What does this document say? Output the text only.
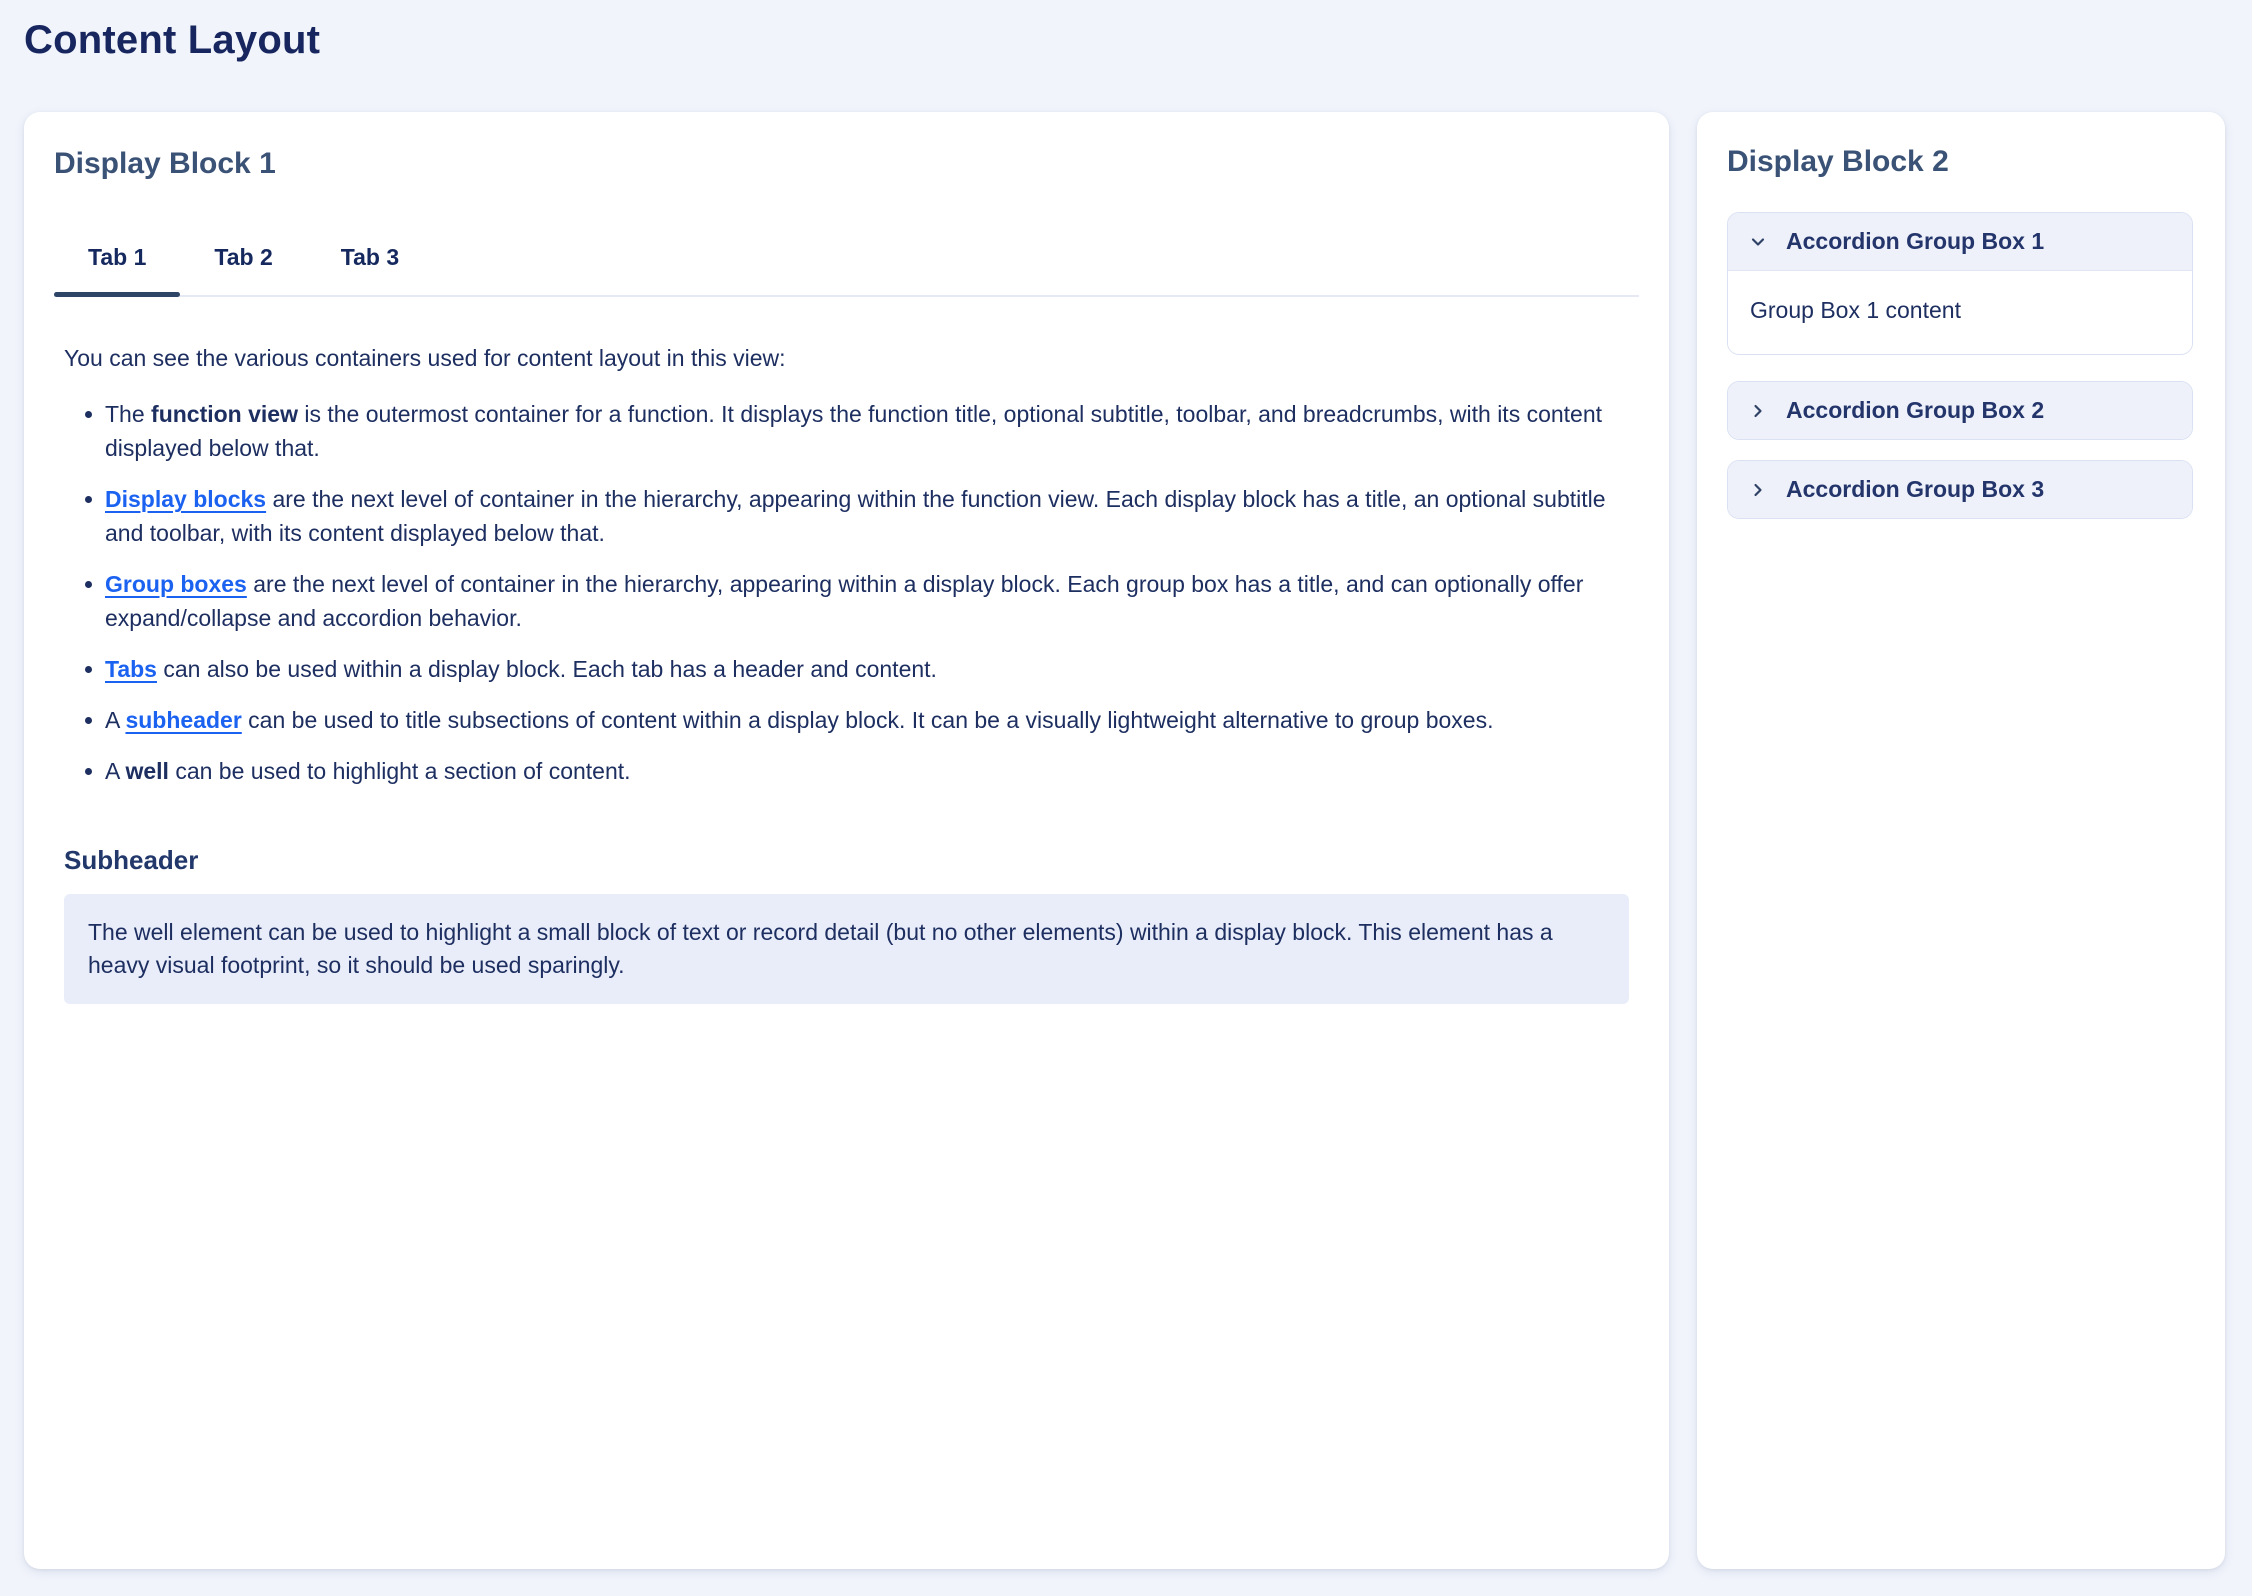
Content Layout
Display Block 1
Tab 1	Tab 2	Tab 3

You can see the various containers used for content layout in this view:

The function view is the outermost container for a function. It displays the function title, optional subtitle, toolbar, and breadcrumbs, with its content displayed below that.
Display blocks are the next level of container in the hierarchy, appearing within the function view. Each display block has a title, an optional subtitle and toolbar, with its content displayed below that.
Group boxes are the next level of container in the hierarchy, appearing within a display block. Each group box has a title, and can optionally offer expand/collapse and accordion behavior.
Tabs can also be used within a display block. Each tab has a header and content.
A subheader can be used to title subsections of content within a display block. It can be a visually lightweight alternative to group boxes.
A well can be used to highlight a section of content.
Subheader
The well element can be used to highlight a small block of text or record detail (but no other elements) within a display block. This element has a heavy visual footprint, so it should be used sparingly.
Display Block 2
Accordion Group Box 1
Group Box 1 content
Accordion Group Box 2
Accordion Group Box 3
